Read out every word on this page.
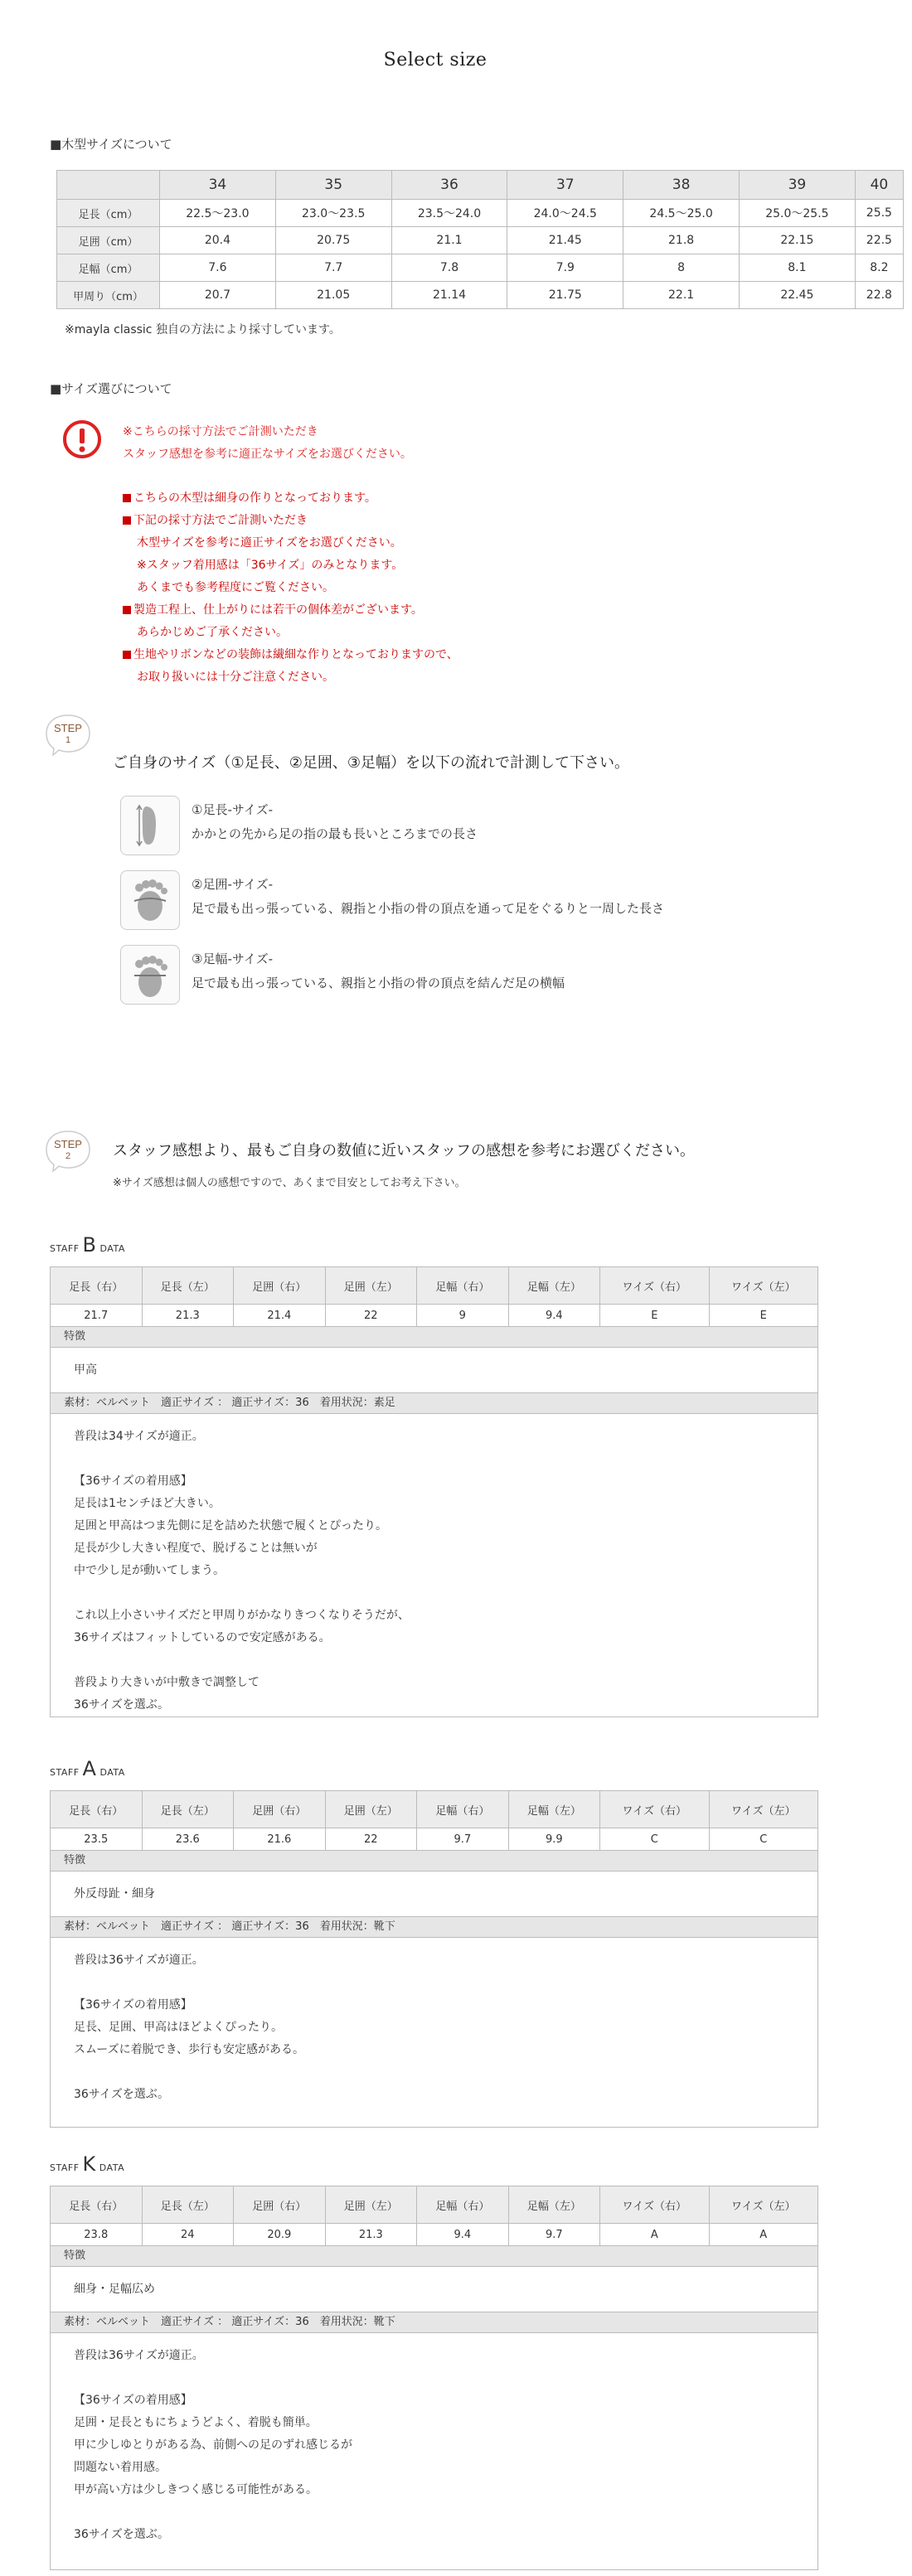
Select size
■木型サイズについて
	34	35	36	37	38	39	40
足長（cm）	22.5～23.0	23.0～23.5	23.5～24.0	24.0～24.5	24.5～25.0	25.0～25.5	25.5
足囲（cm）	20.4	20.75	21.1	21.45	21.8	22.15	22.5
足幅（cm）	7.6	7.7	7.8	7.9	8	8.1	8.2
甲周り（cm）	20.7	21.05	21.14	21.75	22.1	22.45	22.8
※mayla classic 独自の方法により採寸しています。
■サイズ選びについて
※こちらの採寸方法でご計測いただき
スタッフ感想を参考に適正なサイズをお選びください。
こちらの木型は細身の作りとなっております。
下記の採寸方法でご計測いただき
木型サイズを参考に適正サイズをお選びください。
※スタッフ着用感は「36サイズ」のみとなります。
あくまでも参考程度にご覧ください。
製造工程上、仕上がりには若干の個体差がございます。
あらかじめご了承ください。
生地やリボンなどの装飾は繊細な作りとなっておりますので、
お取り扱いには十分ご注意ください。
STEP
1
ご自身のサイズ（①足長、②足囲、③足幅）を以下の流れで計測して下さい。
①足長-サイズ-
かかとの先から足の指の最も長いところまでの長さ
②足囲-サイズ-
足で最も出っ張っている、親指と小指の骨の頂点を通って足をぐるりと一周した長さ
③足幅-サイズ-
足で最も出っ張っている、親指と小指の骨の頂点を結んだ足の横幅
STEP
2	スタッフ感想より、最もご自身の数値に近いスタッフの感想を参考にお選びください。
※サイズ感想は個人の感想ですので、あくまで目安としてお考え下さい。
STAFF B DATA
足長（右）	足長（左）	足囲（右）	足囲（左）	足幅（右）	足幅（左）	ワイズ（右）	ワイズ（左）
21.7	21.3	21.4	22	9	9.4	E	E
特徴
甲高
素材：ベルベット　適正サイズ ： 適正サイズ：36　着用状況：素足
普段は34サイズが適正。

【36サイズの着用感】
足長は1センチほど大きい。
足囲と甲高はつま先側に足を詰めた状態で履くとぴったり。
足長が少し大きい程度で、脱げることは無いが
中で少し足が動いてしまう。

これ以上小さいサイズだと甲周りがかなりきつくなりそうだが、
36サイズはフィットしているので安定感がある。

普段より大きいが中敷きで調整して
36サイズを選ぶ。
STAFF A DATA
足長（右）	足長（左）	足囲（右）	足囲（左）	足幅（右）	足幅（左）	ワイズ（右）	ワイズ（左）
23.5	23.6	21.6	22	9.7	9.9	C	C
特徴
外反母趾・細身
素材：ベルベット　適正サイズ ： 適正サイズ：36　着用状況：靴下
普段は36サイズが適正。

【36サイズの着用感】
足長、足囲、甲高はほどよくぴったり。
スムーズに着脱でき、歩行も安定感がある。

36サイズを選ぶ。
STAFF K DATA
足長（右）	足長（左）	足囲（右）	足囲（左）	足幅（右）	足幅（左）	ワイズ（右）	ワイズ（左）
23.8	24	20.9	21.3	9.4	9.7	A	A
特徴
細身・足幅広め
素材：ベルベット　適正サイズ ： 適正サイズ：36　着用状況：靴下
普段は36サイズが適正。

【36サイズの着用感】
足囲・足長ともにちょうどよく、着脱も簡単。
甲に少しゆとりがある為、前側への足のずれ感じるが
問題ない着用感。
甲が高い方は少しきつく感じる可能性がある。

36サイズを選ぶ。
